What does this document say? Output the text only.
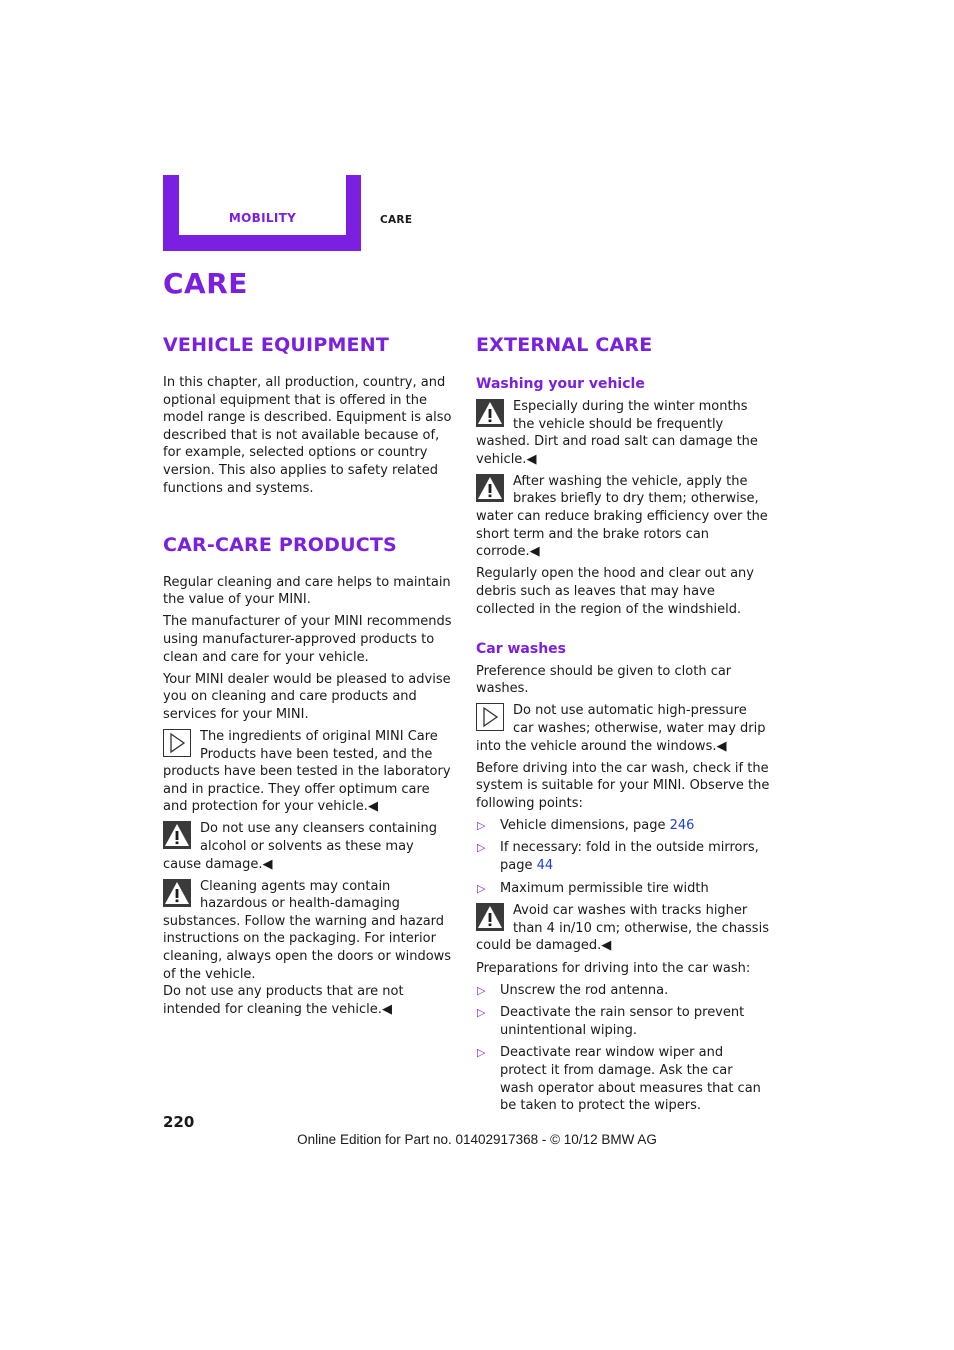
MOBILITY	CARE
CARE
VEHICLE EQUIPMENT

In this chapter, all production, country, and optional equipment that is offered in the model range is described. Equipment is also described that is not available because of, for example, selected options or country version. This also applies to safety related functions and systems.

CAR-CARE PRODUCTS

Regular cleaning and care helps to maintain the value of your MINI.

The manufacturer of your MINI recommends using manufacturer-approved products to clean and care for your vehicle.

Your MINI dealer would be pleased to advise you on cleaning and care products and services for your MINI.

The ingredients of original MINI Care Products have been tested, and the products have been tested in the laboratory and in practice. They offer optimum care and protection for your vehicle.◀
Do not use any cleansers containing alcohol or solvents as these may cause damage.◀
Cleaning agents may contain hazardous or health-damaging substances. Follow the warning and hazard instructions on the packaging. For interior cleaning, always open the doors or windows of the vehicle.
Do not use any products that are not intended for cleaning the vehicle.◀
EXTERNAL CARE
Washing your vehicle
Especially during the winter months the vehicle should be frequently washed. Dirt and road salt can damage the vehicle.◀
After washing the vehicle, apply the brakes briefly to dry them; otherwise, water can reduce braking efficiency over the short term and the brake rotors can corrode.◀

Regularly open the hood and clear out any debris such as leaves that may have collected in the region of the windshield.

Car washes

Preference should be given to cloth car washes.

Do not use automatic high-pressure car washes; otherwise, water may drip into the vehicle around the windows.◀

Before driving into the car wash, check if the system is suitable for your MINI. Observe the following points:

▷ Vehicle dimensions, page 246
▷ If necessary: fold in the outside mirrors, page 44
▷ Maximum permissible tire width
Avoid car washes with tracks higher than 4 in/10 cm; otherwise, the chassis could be damaged.◀

Preparations for driving into the car wash:

▷ Unscrew the rod antenna.
▷ Deactivate the rain sensor to prevent unintentional wiping.
▷ Deactivate rear window wiper and protect it from damage. Ask the car wash operator about measures that can be taken to protect the wipers.
220
Online Edition for Part no. 01402917368 - © 10/12 BMW AG
